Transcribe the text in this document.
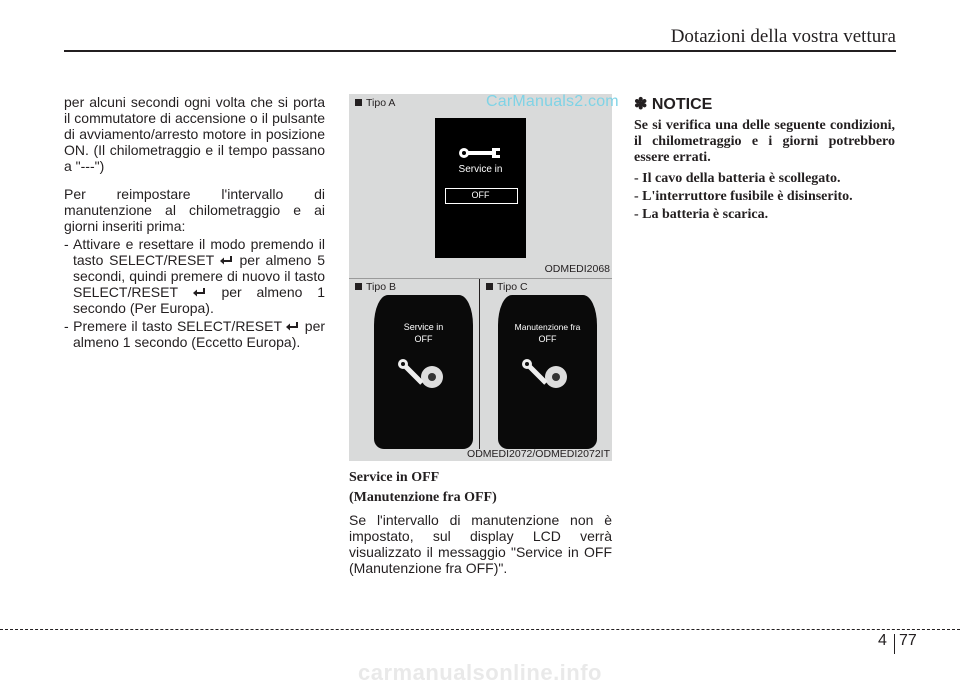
Dotazioni della vostra vettura

per alcuni secondi ogni volta che si porta il commutatore di accensione o il pulsante di avviamento/arresto motore in posizione ON. (Il chilometraggio e il tempo passano a "---")

Per reimpostare l'intervallo di manutenzione al chilometraggio e ai giorni inseriti prima:

- Attivare e resettare il modo premendo il tasto SELECT/RESET per almeno 5 secondi, quindi premere di nuovo il tasto SELECT/RESET	per almeno 1 secondo (Per Europa).
- Premere il tasto SELECT/RESET per almeno 1 secondo (Eccetto Europa).
Tipo A
Service in
OFF
ODMEDI2068
Tipo B	Tipo C
Service in
OFF
Manutenzione fra
OFF
ODMEDI2072/ODMEDI2072IT
CarManuals2.com

Service in OFF

(Manutenzione fra OFF)

Se l'intervallo di manutenzione non è impostato, sul display LCD verrà visualizzato il messaggio "Service in OFF (Manutenzione fra OFF)".

✽ NOTICE

Se si verifica una delle seguente condizioni, il chilometraggio e i giorni potrebbero essere errati.

- Il cavo della batteria è scollegato.

- L'interruttore fusibile è disinserito.

- La batteria è scarica.

4 77
carmanualsonline.info
